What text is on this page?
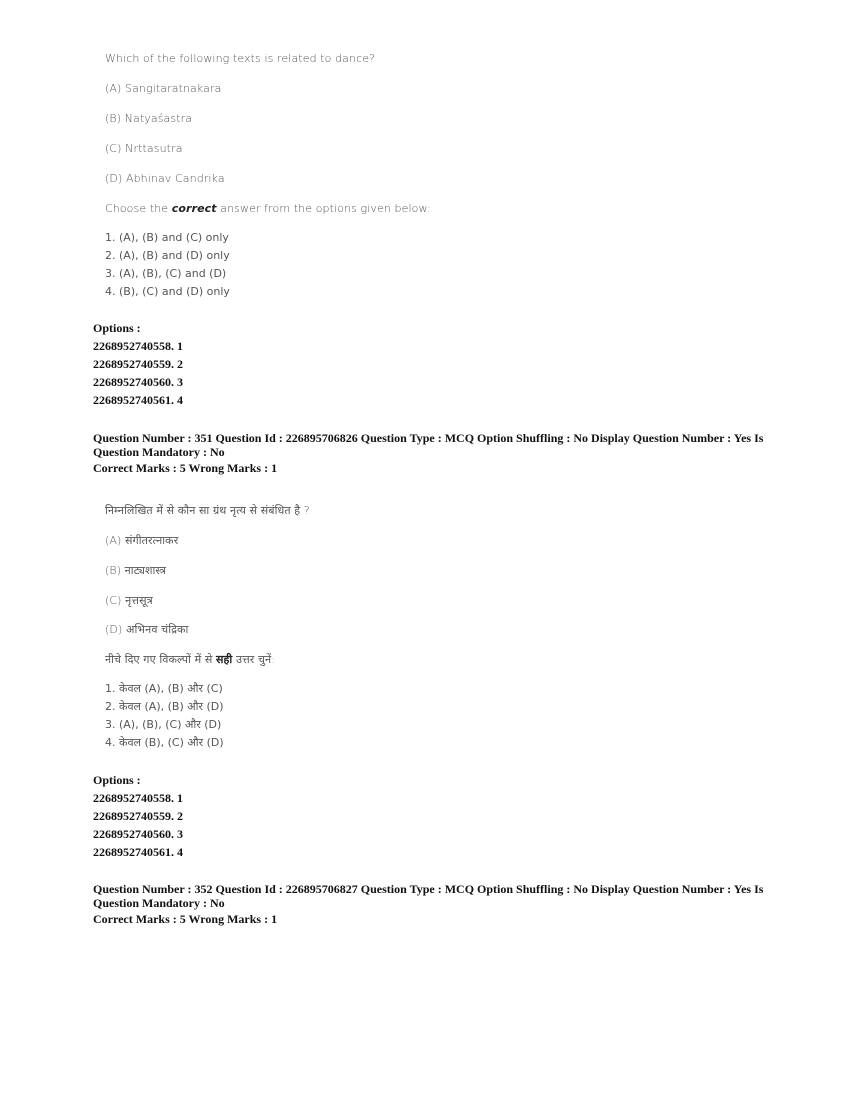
Which of the following texts is related to dance?
(A) Sangitaratnakara
(B) Natyaśastra
(C) Nrttasutra
(D) Abhinav Candrika
Choose the correct answer from the options given below:
1. (A), (B) and (C) only
2. (A), (B) and (D) only
3. (A), (B), (C) and (D)
4. (B), (C) and (D) only
Options :
2268952740558. 1
2268952740559. 2
2268952740560. 3
2268952740561. 4
Question Number : 351 Question Id : 226895706826 Question Type : MCQ Option Shuffling : No Display Question Number : Yes Is
Question Mandatory : No
Correct Marks : 5 Wrong Marks : 1
निम्नलिखित में से कौन सा ग्रंथ नृत्य से संबंधित है ?
(A) संगीतरत्नाकर
(B) नाट्यशास्त्र
(C) नृत्तसूत्र
(D) अभिनव चंद्रिका
नीचे दिए गए विकल्पों में से सही उत्तर चुनें:
1. केवल (A), (B) और (C)
2. केवल (A), (B) और (D)
3. (A), (B), (C) और (D)
4. केवल (B), (C) और (D)
Options :
2268952740558. 1
2268952740559. 2
2268952740560. 3
2268952740561. 4
Question Number : 352 Question Id : 226895706827 Question Type : MCQ Option Shuffling : No Display Question Number : Yes Is
Question Mandatory : No
Correct Marks : 5 Wrong Marks : 1
